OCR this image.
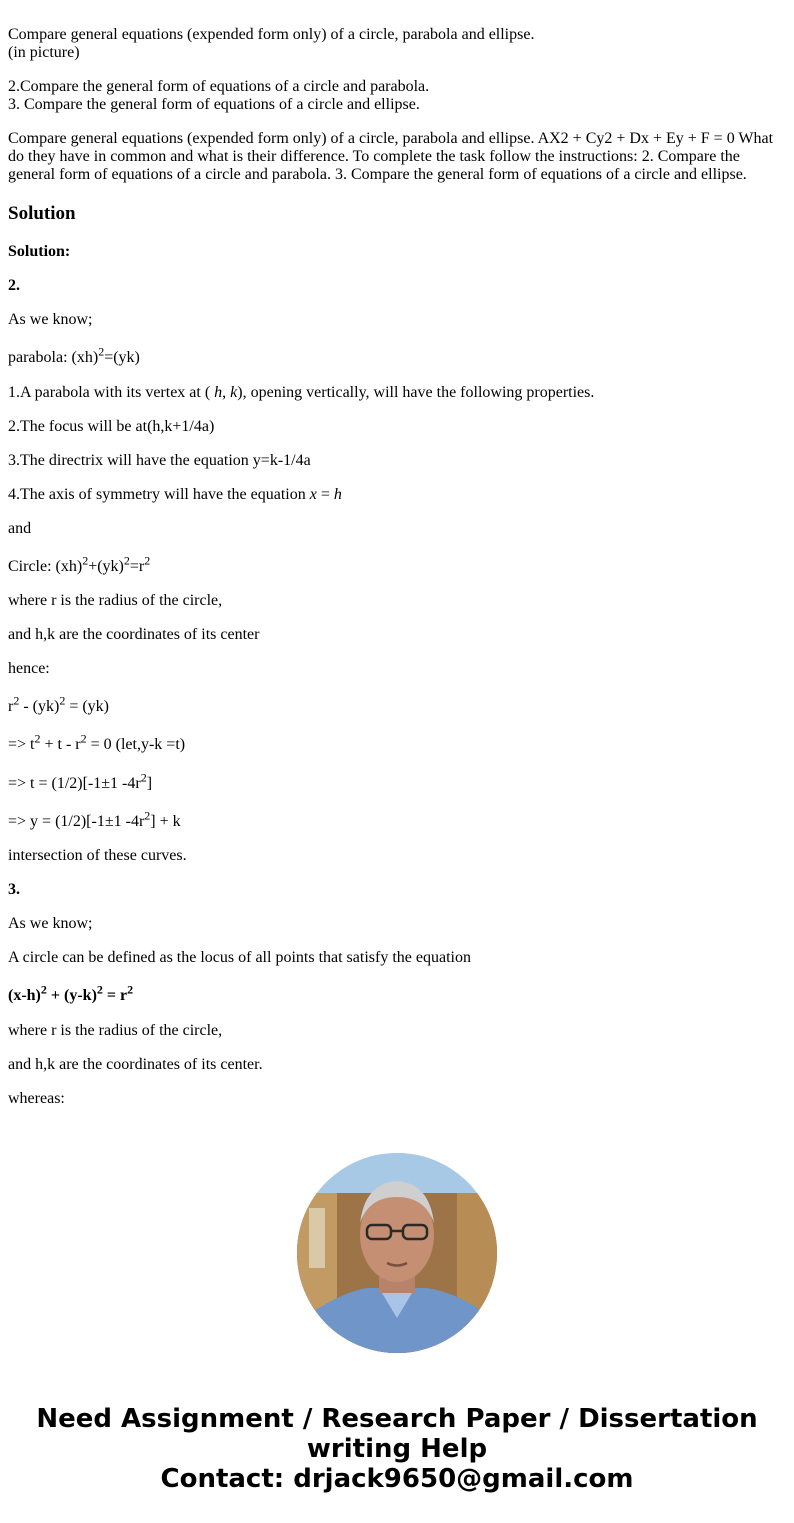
Compare general equations (expended form only) of a circle, parabola and ellipse.
(in picture)
2.Compare the general form of equations of a circle and parabola.
3. Compare the general form of equations of a circle and ellipse.
Compare general equations (expended form only) of a circle, parabola and ellipse. AX2 + Cy2 + Dx + Ey + F = 0 What do they have in common and what is their difference. To complete the task follow the instructions: 2. Compare the general form of equations of a circle and parabola. 3. Compare the general form of equations of a circle and ellipse.
Solution
Solution:
2.
As we know;
parabola: (xh)$^2$=(yk)
1.A parabola with its vertex at ( h, k), opening vertically, will have the following properties.
2.The focus will be at(h,k+1/4a)
3.The directrix will have the equation y=k-1/4a
4.The axis of symmetry will have the equation x = h
and
Circle: $(xh)^2+(yk)^2=r^2$
where r is the radius of the circle,
and h,k are the coordinates of its center
hence:
$r^2 - (yk)^2 = (yk)$
=> $t^2 + t - r^2 = 0$ (let,y-k =t)
=> t = (1/2)[-1±1 $-4r^2$]
=> y = (1/2)[-1±1 $-4r^2] + k$
intersection of these curves.
3.
As we know;
A circle can be defined as the locus of all points that satisfy the equation
$(x-h)^2 + (y-k)^2 = r^2$
where r is the radius of the circle,
and h,k are the coordinates of its center.
whereas:
Need Assignment / Research Paper / Dissertation
writing Help
Contact: drjack9650@gmail.com
